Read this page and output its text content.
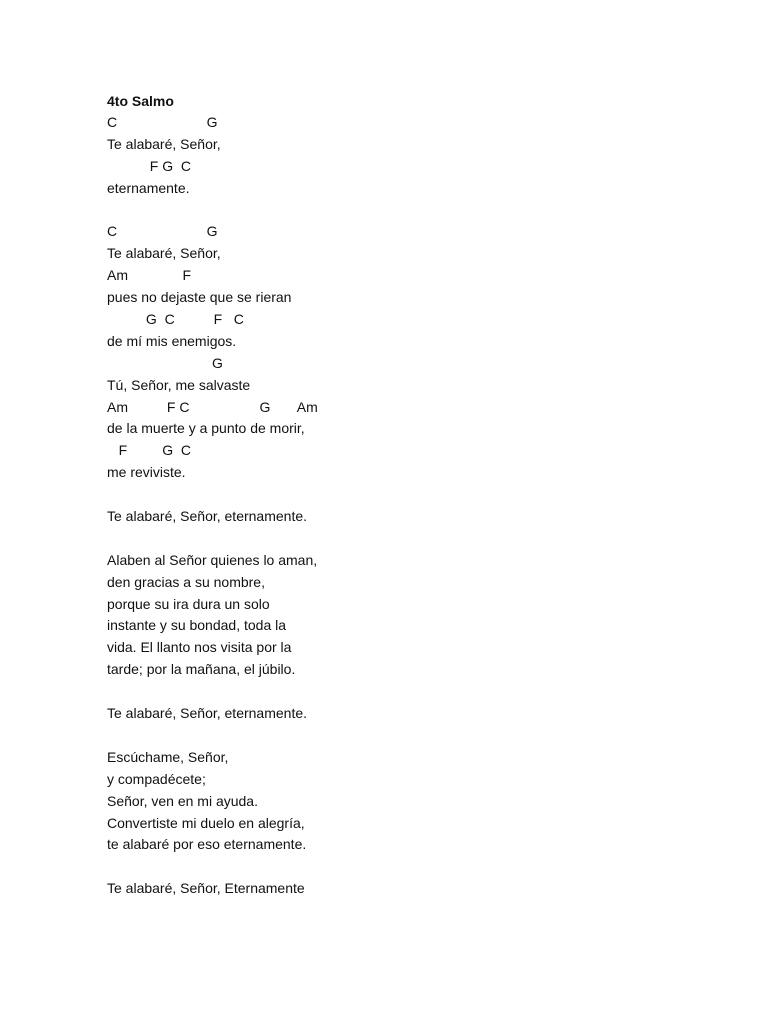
4to Salmo
C                       G
Te alabaré, Señor,
F G  C
eternamente.
C                       G
Te alabaré, Señor,
Am              F
pues no dejaste que se rieran
G  C          F   C
de mí mis enemigos.
G
Tú, Señor, me salvaste
Am          F C                  G       Am
de la muerte y a punto de morir,
F         G  C
me reviviste.
Te alabaré, Señor, eternamente.
Alaben al Señor quienes lo aman,
den gracias a su nombre,
porque su ira dura un solo
instante y su bondad, toda la
vida. El llanto nos visita por la
tarde; por la mañana, el júbilo.
Te alabaré, Señor, eternamente.
Escúchame, Señor,
y compadécete;
Señor, ven en mi ayuda.
Convertiste mi duelo en alegría,
te alabaré por eso eternamente.
Te alabaré, Señor, Eternamente
